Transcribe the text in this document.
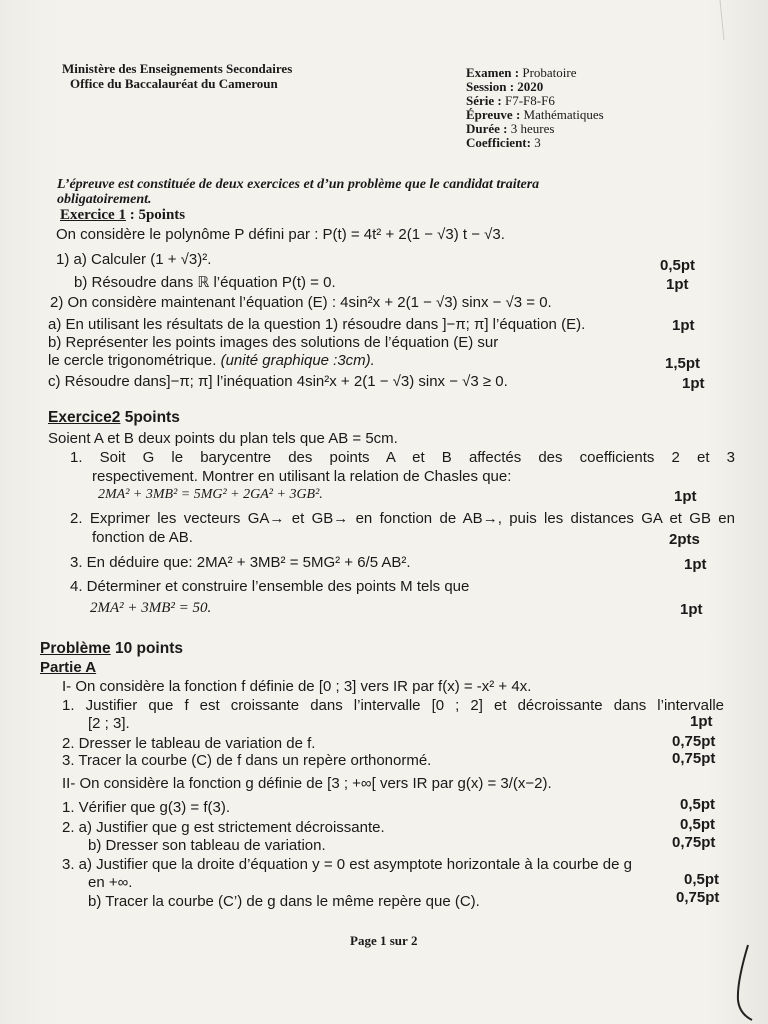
Ministère des Enseignements Secondaires
Office du Baccalauréat du Cameroun
Examen : Probatoire
Session : 2020
Série : F7-F8-F6
Épreuve : Mathématiques
Durée : 3 heures
Coefficient: 3
L’épreuve est constituée de deux exercices et d’un problème que le candidat traitera
obligatoirement.
Exercice 1 : 5points
On considère le polynôme P défini par : P(t) = 4t² + 2(1 − √3) t − √3.
1) a) Calculer (1 + √3)².	0,5pt
b) Résoudre dans ℝ l’équation P(t) = 0.	1pt
2) On considère maintenant l’équation (E) : 4sin²x + 2(1 − √3) sinx − √3 = 0.
a) En utilisant les résultats de la question 1) résoudre dans ]−π; π] l’équation (E).	1pt
b) Représenter les points images des solutions de l’équation (E) sur
le cercle trigonométrique. (unité graphique :3cm).	1,5pt
c) Résoudre dans]−π; π] l’inéquation 4sin²x + 2(1 − √3) sinx − √3 ≥ 0.	1pt
Exercice2 5points
Soient A et B deux points du plan tels que AB = 5cm.
1. Soit G le barycentre des points A et B affectés des coefficients 2 et 3
respectivement. Montrer en utilisant la relation de Chasles que:
2MA² + 3MB² = 5MG² + 2GA² + 3GB².	1pt
2. Exprimer les vecteurs GA→ et GB→ en fonction de AB→, puis les distances GA et GB en
fonction de AB.	2pts
3. En déduire que: 2MA² + 3MB² = 5MG² + 6/5 AB².	1pt
4. Déterminer et construire l’ensemble des points M tels que
2MA² + 3MB² = 50.	1pt
Problème 10 points
Partie A
I- On considère la fonction f définie de [0 ; 3] vers IR par f(x) = -x² + 4x.
1. Justifier que f est croissante dans l’intervalle [0 ; 2] et décroissante dans l’intervalle
[2 ; 3].	1pt
2. Dresser le tableau de variation de f.	0,75pt
3. Tracer la courbe (C) de f dans un repère orthonormé.	0,75pt
II- On considère la fonction g définie de [3 ; +∞[ vers IR par g(x) = 3/(x−2).
1. Vérifier que g(3) = f(3).	0,5pt
2. a) Justifier que g est strictement décroissante.	0,5pt
b) Dresser son tableau de variation.	0,75pt
3. a) Justifier que la droite d’équation y = 0 est asymptote horizontale à la courbe de g
en +∞.	0,5pt
b) Tracer la courbe (C’) de g dans le même repère que (C).	0,75pt
Page 1 sur 2
